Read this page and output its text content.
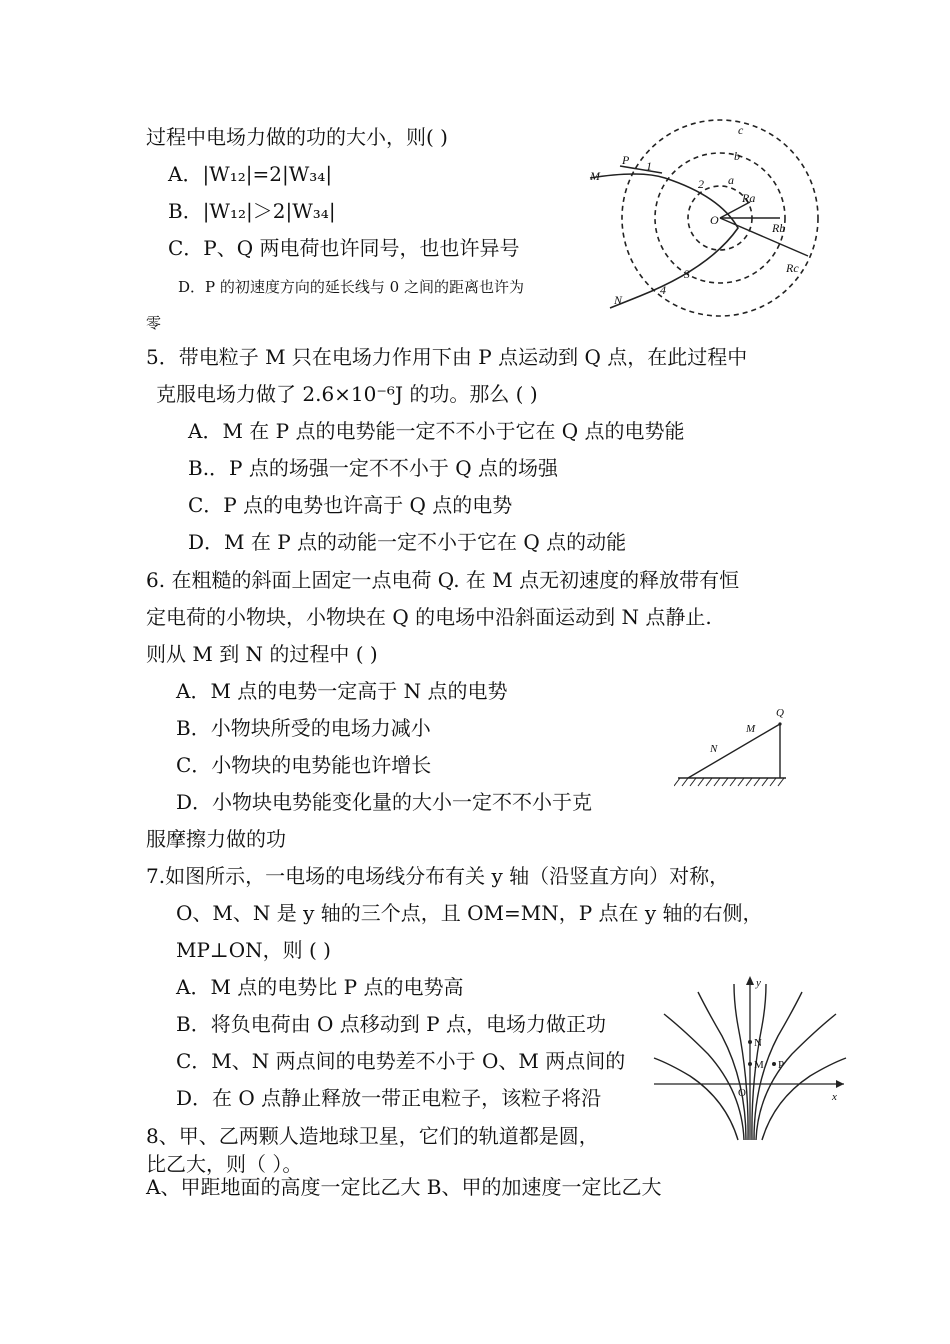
过程中电场力做的功的大小，则( )
A．|W₁₂|=2|W₃₄|
B．|W₁₂|＞2|W₃₄|
C．P、Q 两电荷也许同号，也也许异号
D．P 的初速度方向的延长线与 0 之间的距离也许为
零
5．带电粒子 M 只在电场力作用下由 P 点运动到 Q 点，在此过程中
克服电场力做了 2.6×10⁻⁶J 的功。那么 ( )
A．M 在 P 点的电势能一定不不小于它在 Q 点的电势能
B.．P 点的场强一定不不小于 Q 点的场强
C．P 点的电势也许高于 Q 点的电势
D．M 在 P 点的动能一定不小于它在 Q 点的动能
6. 在粗糙的斜面上固定一点电荷 Q. 在 M 点无初速度的释放带有恒
定电荷的小物块，小物块在 Q 的电场中沿斜面运动到 N 点静止.
则从 M 到 N 的过程中 ( )
A．M 点的电势一定高于 N 点的电势
B．小物块所受的电场力减小
C．小物块的电势能也许增长
D．小物块电势能变化量的大小一定不不小于克
服摩擦力做的功
7.如图所示，一电场的电场线分布有关 y 轴（沿竖直方向）对称，
O、M、N 是 y 轴的三个点，且 OM=MN，P 点在 y 轴的右侧，
MP⊥ON，则 ( )
A．M 点的电势比 P 点的电势高
B．将负电荷由 O 点移动到 P 点，电场力做正功
C．M、N 两点间的电势差不小于 O、M 两点间的
D．在 O 点静止释放一带正电粒子，该粒子将沿
8、甲、乙两颗人造地球卫星，它们的轨道都是圆，
比乙大，则（ ）。
A、甲距地面的高度一定比乙大 B、甲的加速度一定比乙大
P
M
1
2
c
b
a
O
Ra
Rb
Rc
3
4
N
Q
M
N
y
N
M P
O	x
